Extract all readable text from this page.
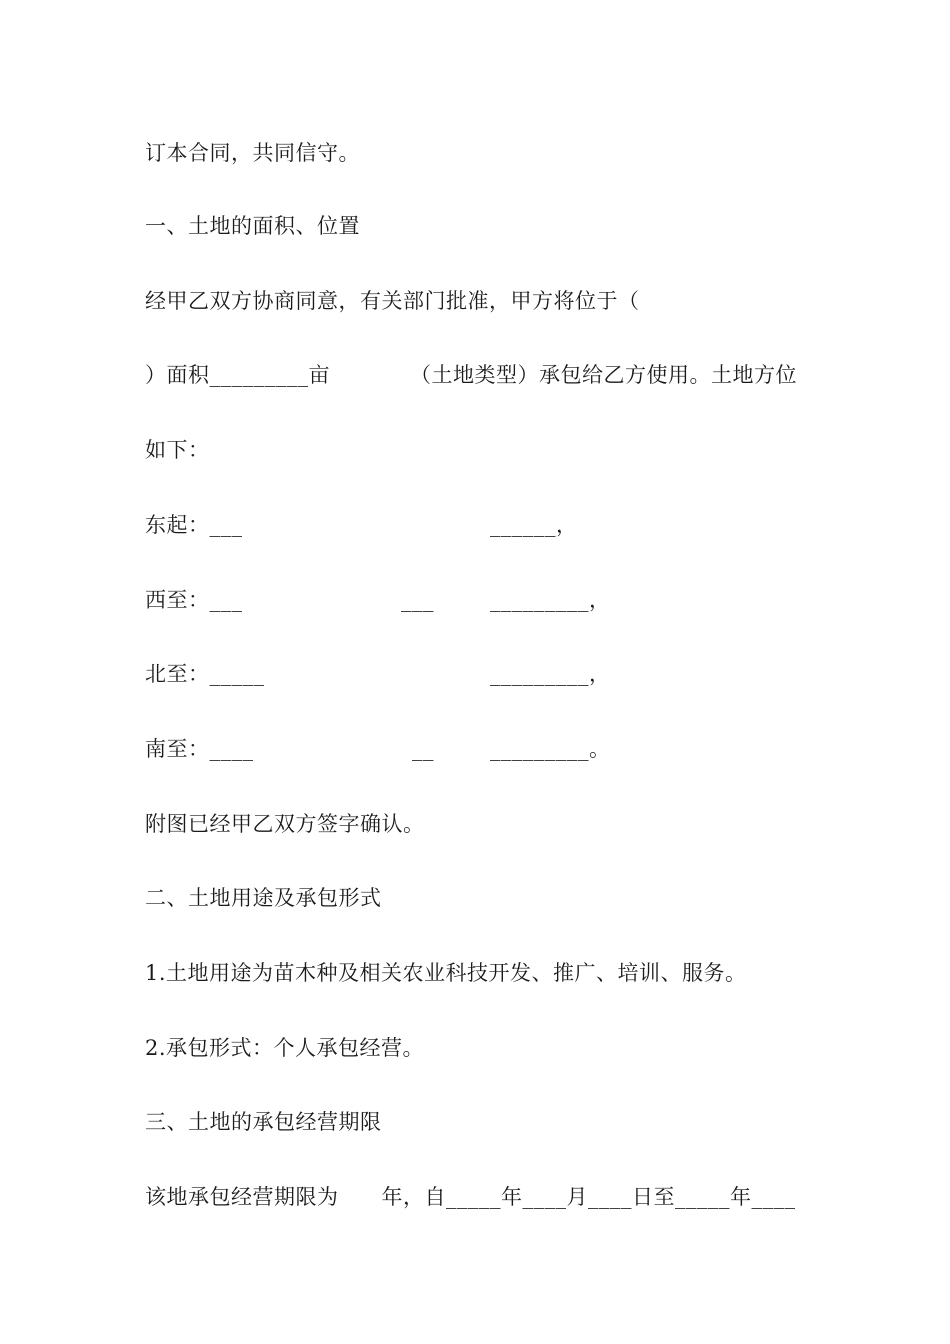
订本合同，共同信守。
一、土地的面积、位置
经甲乙双方协商同意，有关部门批准，甲方将位于（
）面积_________亩	（土地类型）承包给乙方使用。土地方位
如下：
东起：___	______，
西至：___	___	_________，
北至：_____	_________，
南至：____	__	_________。
附图已经甲乙双方签字确认。
二、土地用途及承包形式
1.土地用途为苗木种及相关农业科技开发、推广、培训、服务。
2.承包形式：个人承包经营。
三、土地的承包经营期限
该地承包经营期限为　　年，自_____年____月____日至_____年____
